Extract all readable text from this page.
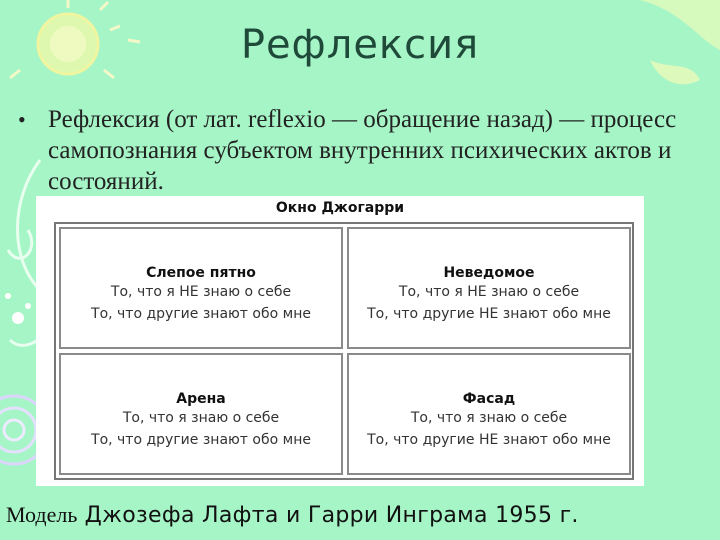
Рефлексия
• Рефлексия (от лат. reflexio — обращение назад) — процесс самопознания субъектом внутренних психических актов и состояний.
Окно Джогарри
Слепое пятно
То, что я НЕ знаю о себе
То, что другие знают обо мне
Неведомое
То, что я НЕ знаю о себе
То, что другие НЕ знают обо мне
Арена
То, что я знаю о себе
То, что другие знают обо мне
Фасад
То, что я знаю о себе
То, что другие НЕ знают обо мне
Модель Джозефа Лафта и Гарри Инграма 1955 г.
